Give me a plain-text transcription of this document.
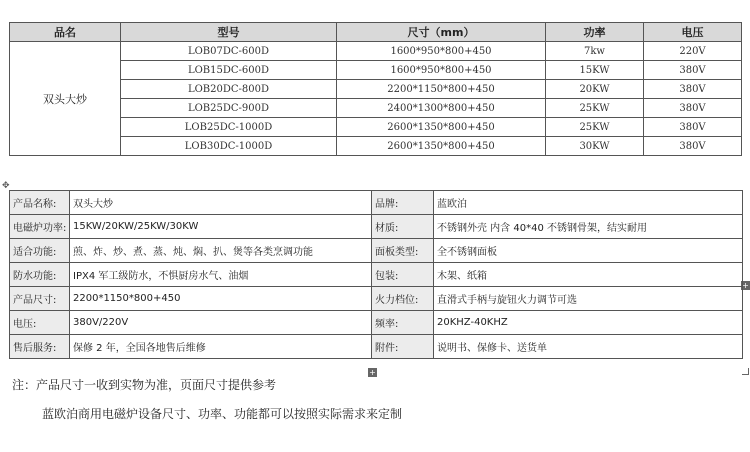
品名	型号	尺寸（mm）	功率	电压
双头大炒	LOB07DC-600D	1600*950*800+450	7kw	220V
	LOB15DC-600D	1600*950*800+450	15KW	380V
	LOB20DC-800D	2200*1150*800+450	20KW	380V
	LOB25DC-900D	2400*1300*800+450	25KW	380V
	LOB25DC-1000D	2600*1350*800+450	25KW	380V
	LOB30DC-1000D	2600*1350*800+450	30KW	380V
✥
+
+
产品名称:	双头大炒	品牌:	蓝欧泊
电磁炉功率:	15KW/20KW/25KW/30KW	材质:	不锈钢外壳 内含 40*40 不锈钢骨架，结实耐用
适合功能:	煎、炸、炒、煮、蒸、炖、焖、扒、煲等各类烹调功能	面板类型:	全不锈钢面板
防水功能:	IPX4 军工级防水，不惧厨房水气、油烟	包装:	木架、纸箱
产品尺寸:	2200*1150*800+450	火力档位:	直滑式手柄与旋钮火力调节可选
电压:	380V/220V	频率:	20KHZ-40KHZ
售后服务:	保修 2 年，全国各地售后维修	附件:	说明书、保修卡、送货单
注：产品尺寸一收到实物为准，页面尺寸提供参考
蓝欧泊商用电磁炉设备尺寸、功率、功能都可以按照实际需求来定制
